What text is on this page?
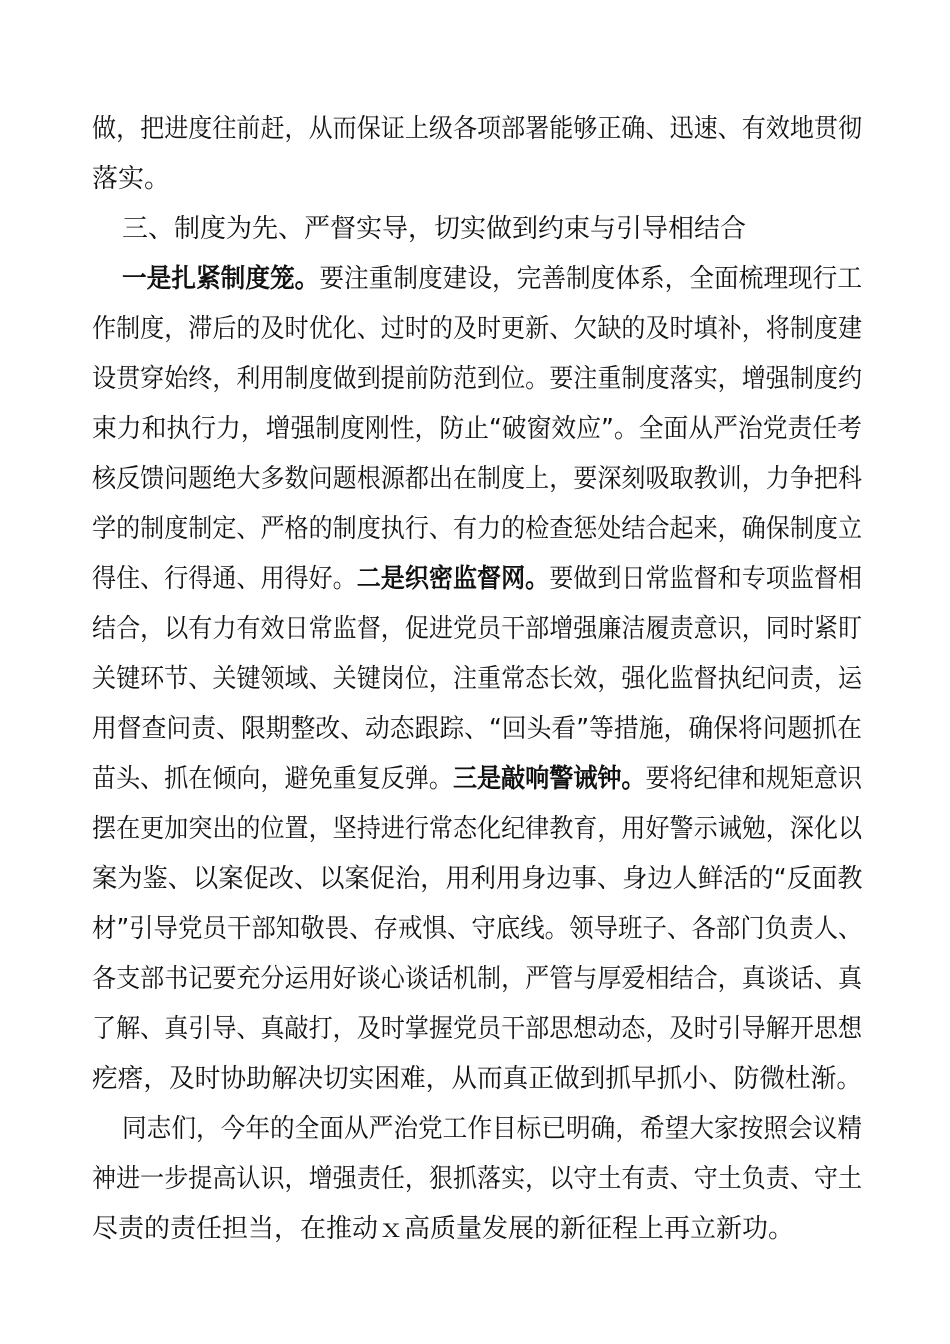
做，把进度往前赶，从而保证上级各项部署能够正确、迅速、有效地贯彻
落实。
三、制度为先、严督实导，切实做到约束与引导相结合
一是扎紧制度笼。要注重制度建设，完善制度体系，全面梳理现行工
作制度，滞后的及时优化、过时的及时更新、欠缺的及时填补，将制度建
设贯穿始终，利用制度做到提前防范到位。要注重制度落实，增强制度约
束力和执行力，增强制度刚性，防止“破窗效应”。全面从严治党责任考
核反馈问题绝大多数问题根源都出在制度上，要深刻吸取教训，力争把科
学的制度制定、严格的制度执行、有力的检查惩处结合起来，确保制度立
得住、行得通、用得好。二是织密监督网。要做到日常监督和专项监督相
结合，以有力有效日常监督，促进党员干部增强廉洁履责意识，同时紧盯
关键环节、关键领域、关键岗位，注重常态长效，强化监督执纪问责，运
用督查问责、限期整改、动态跟踪、“回头看”等措施，确保将问题抓在
苗头、抓在倾向，避免重复反弹。三是敲响警诫钟。要将纪律和规矩意识
摆在更加突出的位置，坚持进行常态化纪律教育，用好警示诫勉，深化以
案为鉴、以案促改、以案促治，用利用身边事、身边人鲜活的“反面教
材”引导党员干部知敬畏、存戒惧、守底线。领导班子、各部门负责人、
各支部书记要充分运用好谈心谈话机制，严管与厚爱相结合，真谈话、真
了解、真引导、真敲打，及时掌握党员干部思想动态，及时引导解开思想
疙瘩，及时协助解决切实困难，从而真正做到抓早抓小、防微杜渐。
同志们，今年的全面从严治党工作目标已明确，希望大家按照会议精
神进一步提高认识，增强责任，狠抓落实，以守土有责、守土负责、守土
尽责的责任担当，在推动ｘ高质量发展的新征程上再立新功。
